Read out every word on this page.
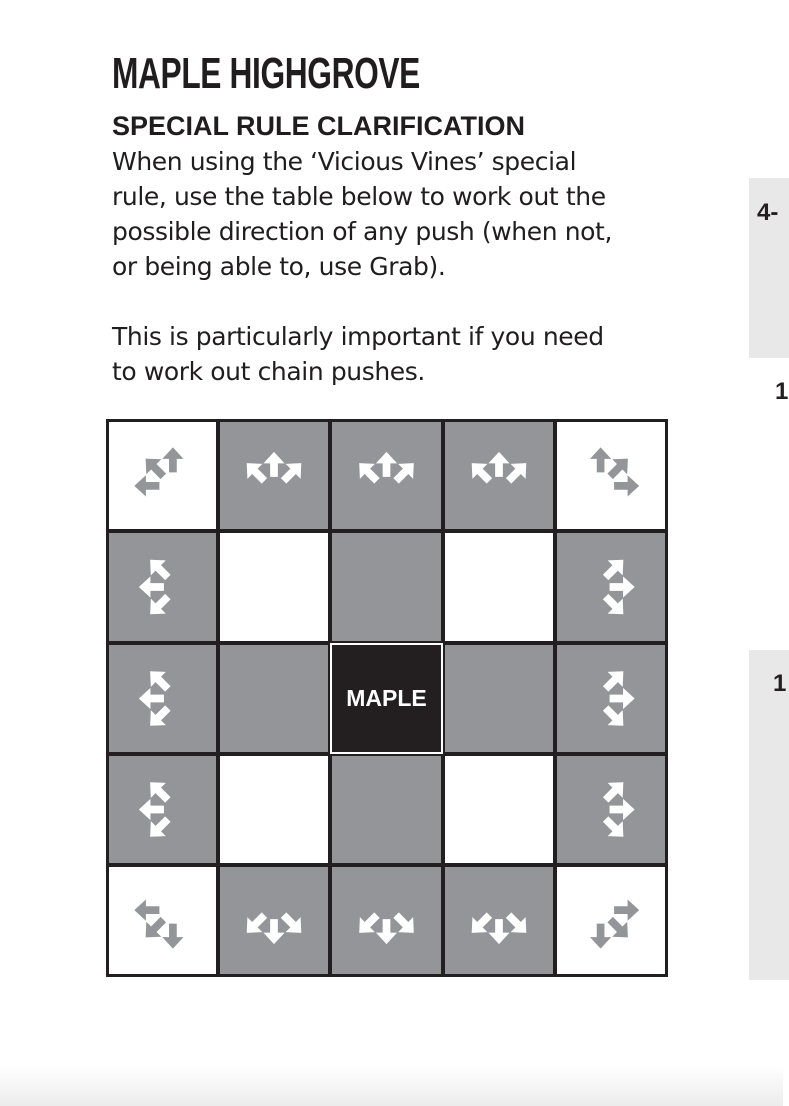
MAPLE HIGHGROVE
SPECIAL RULE CLARIFICATION

When using the ‘Vicious Vines’ special
rule, use the table below to work out the
possible direction of any push (when not,
or being able to, use Grab).

This is particularly important if you need
to work out chain pushes.

MAPLE
4-
1
1
